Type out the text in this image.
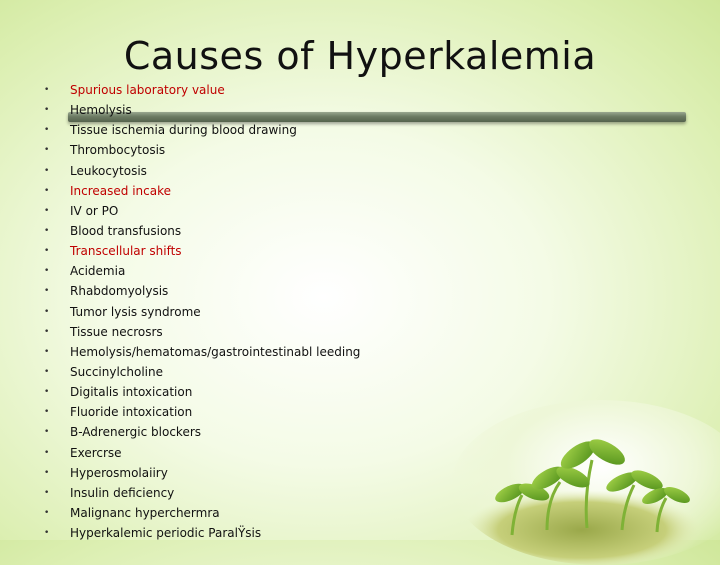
Causes of Hyperkalemia
• Spurious laboratory value
• Hemolysis
• Tissue ischemia during blood drawing
• Thrombocytosis
• Leukocytosis
• Increased incake
• IV or PO
• Blood transfusions
• Transcellular shifts
• Acidemia
• Rhabdomyolysis
• Tumor lysis syndrome
• Tissue necrosrs
• Hemolysis/hematomas/gastrointestinabl leeding
• Succinylcholine
• Digitalis intoxication
• Fluoride intoxication
• B-Adrenergic blockers
• Exercrse
• Hyperosmolaiiry
• Insulin deficiency
• Malignanc hyperchermra
• Hyperkalemic periodic ParalŸsis
